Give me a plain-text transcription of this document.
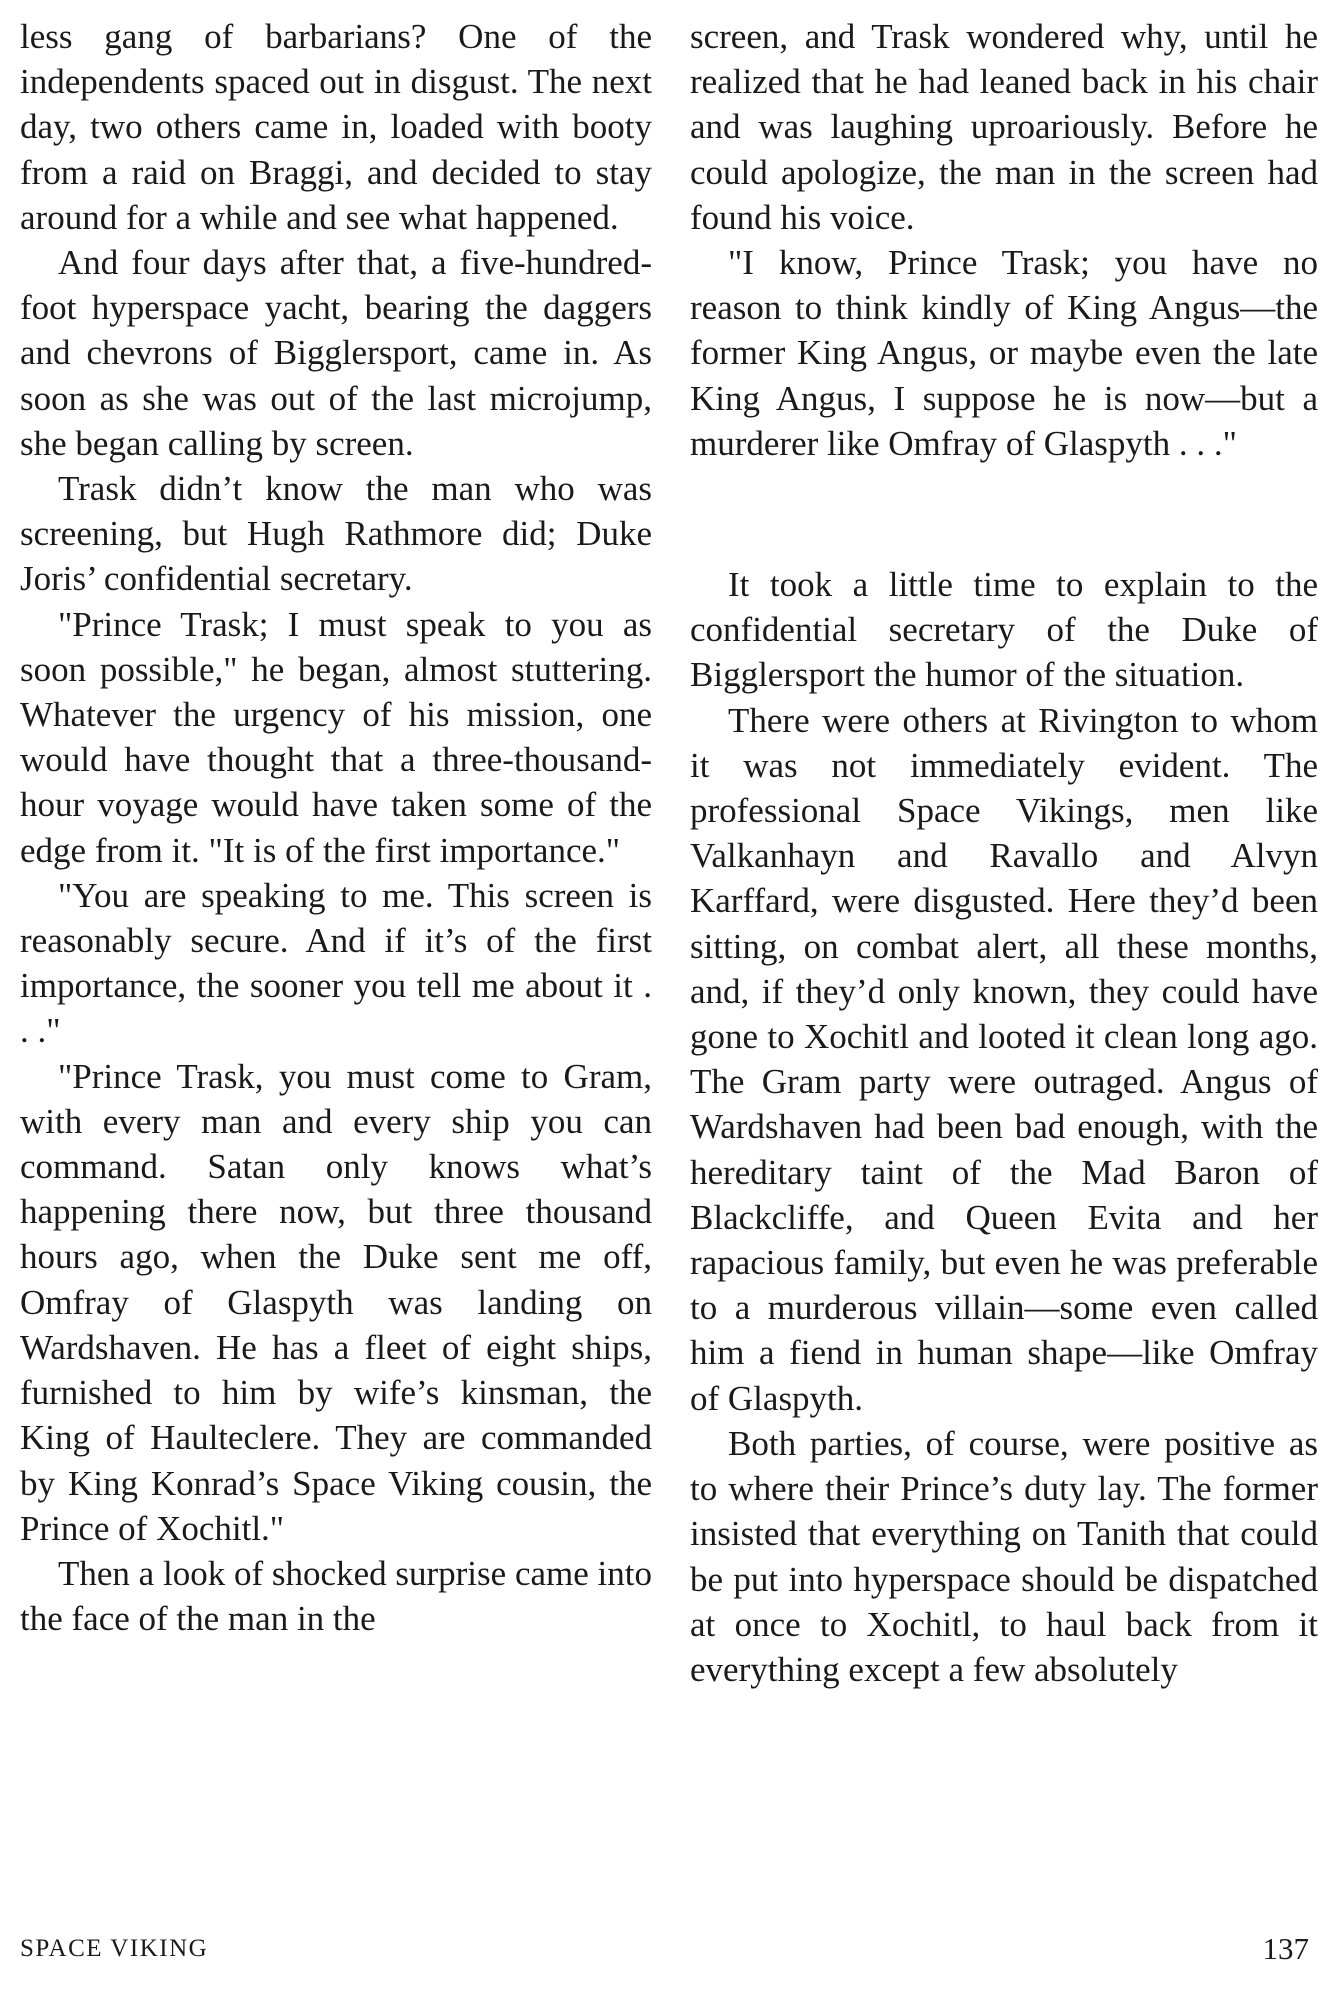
less gang of barbarians? One of the independents spaced out in disgust. The next day, two others came in, loaded with booty from a raid on Braggi, and decided to stay around for a while and see what happened.

And four days after that, a five-hundred-foot hyperspace yacht, bearing the daggers and chevrons of Bigglersport, came in. As soon as she was out of the last microjump, she began calling by screen.

Trask didn’t know the man who was screening, but Hugh Rathmore did; Duke Joris’ confidential secretary.

"Prince Trask; I must speak to you as soon possible," he began, almost stuttering. Whatever the urgency of his mission, one would have thought that a three-thousand-hour voyage would have taken some of the edge from it. "It is of the first importance."

"You are speaking to me. This screen is reasonably secure. And if it’s of the first importance, the sooner you tell me about it . . ."

"Prince Trask, you must come to Gram, with every man and every ship you can command. Satan only knows what’s happening there now, but three thousand hours ago, when the Duke sent me off, Omfray of Glaspyth was landing on Wardshaven. He has a fleet of eight ships, furnished to him by wife’s kinsman, the King of Haulteclere. They are commanded by King Konrad’s Space Viking cousin, the Prince of Xochitl."

Then a look of shocked surprise came into the face of the man in the

screen, and Trask wondered why, until he realized that he had leaned back in his chair and was laughing uproariously. Before he could apologize, the man in the screen had found his voice.

"I know, Prince Trask; you have no reason to think kindly of King Angus—the former King Angus, or maybe even the late King Angus, I suppose he is now—but a murderer like Omfray of Glaspyth . . ."

It took a little time to explain to the confidential secretary of the Duke of Bigglersport the humor of the situation.

There were others at Rivington to whom it was not immediately evident. The professional Space Vikings, men like Valkanhayn and Ravallo and Alvyn Karffard, were disgusted. Here they’d been sitting, on combat alert, all these months, and, if they’d only known, they could have gone to Xochitl and looted it clean long ago. The Gram party were outraged. Angus of Wardshaven had been bad enough, with the hereditary taint of the Mad Baron of Blackcliffe, and Queen Evita and her rapacious family, but even he was preferable to a murderous villain—some even called him a fiend in human shape—like Omfray of Glaspyth.

Both parties, of course, were positive as to where their Prince’s duty lay. The former insisted that everything on Tanith that could be put into hyperspace should be dispatched at once to Xochitl, to haul back from it everything except a few absolutely

SPACE VIKING	137
